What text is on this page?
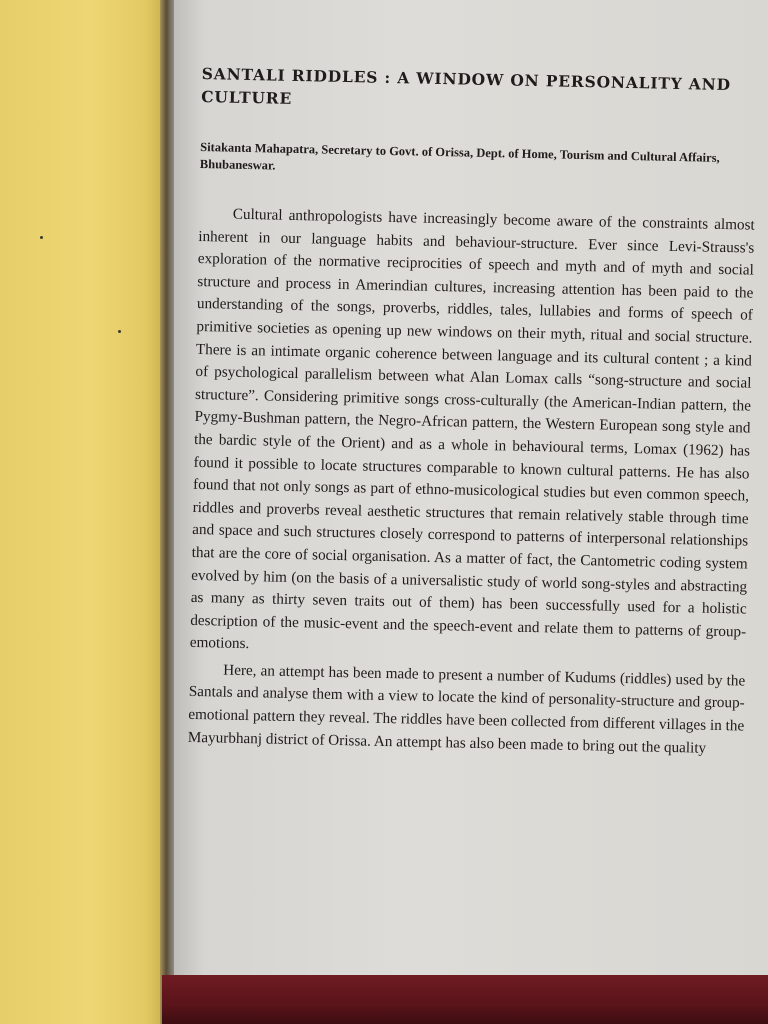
SANTALI RIDDLES : A WINDOW ON PERSONALITY AND CULTURE
Sitakanta Mahapatra, Secretary to Govt. of Orissa, Dept. of Home, Tourism and Cultural Affairs, Bhubaneswar.

Cultural anthropologists have increasingly become aware of the constraints almost inherent in our language habits and behaviour-structure. Ever since Levi-Strauss's exploration of the normative reciprocities of speech and myth and of myth and social structure and process in Amerindian cultures, increasing attention has been paid to the understanding of the songs, proverbs, riddles, tales, lullabies and forms of speech of primitive societies as opening up new windows on their myth, ritual and social structure. There is an intimate organic coherence between language and its cultural content ; a kind of psychological parallelism between what Alan Lomax calls “song-structure and social structure”. Considering primitive songs cross-culturally (the American-Indian pattern, the Pygmy-Bushman pattern, the Negro-African pattern, the Western European song style and the bardic style of the Orient) and as a whole in behavioural terms, Lomax (1962) has found it possible to locate structures comparable to known cultural patterns. He has also found that not only songs as part of ethno-musicological studies but even common speech, riddles and proverbs reveal aesthetic structures that remain relatively stable through time and space and such structures closely correspond to patterns of interpersonal relationships that are the core of social organisation. As a matter of fact, the Cantometric coding system evolved by him (on the basis of a universalistic study of world song-styles and abstracting as many as thirty seven traits out of them) has been successfully used for a holistic description of the music-event and the speech-event and relate them to patterns of group-emotions.

Here, an attempt has been made to present a number of Kudums (riddles) used by the Santals and analyse them with a view to locate the kind of personality-structure and group-emotional pattern they reveal. The riddles have been collected from different villages in the Mayurbhanj district of Orissa. An attempt has also been made to bring out the quality
